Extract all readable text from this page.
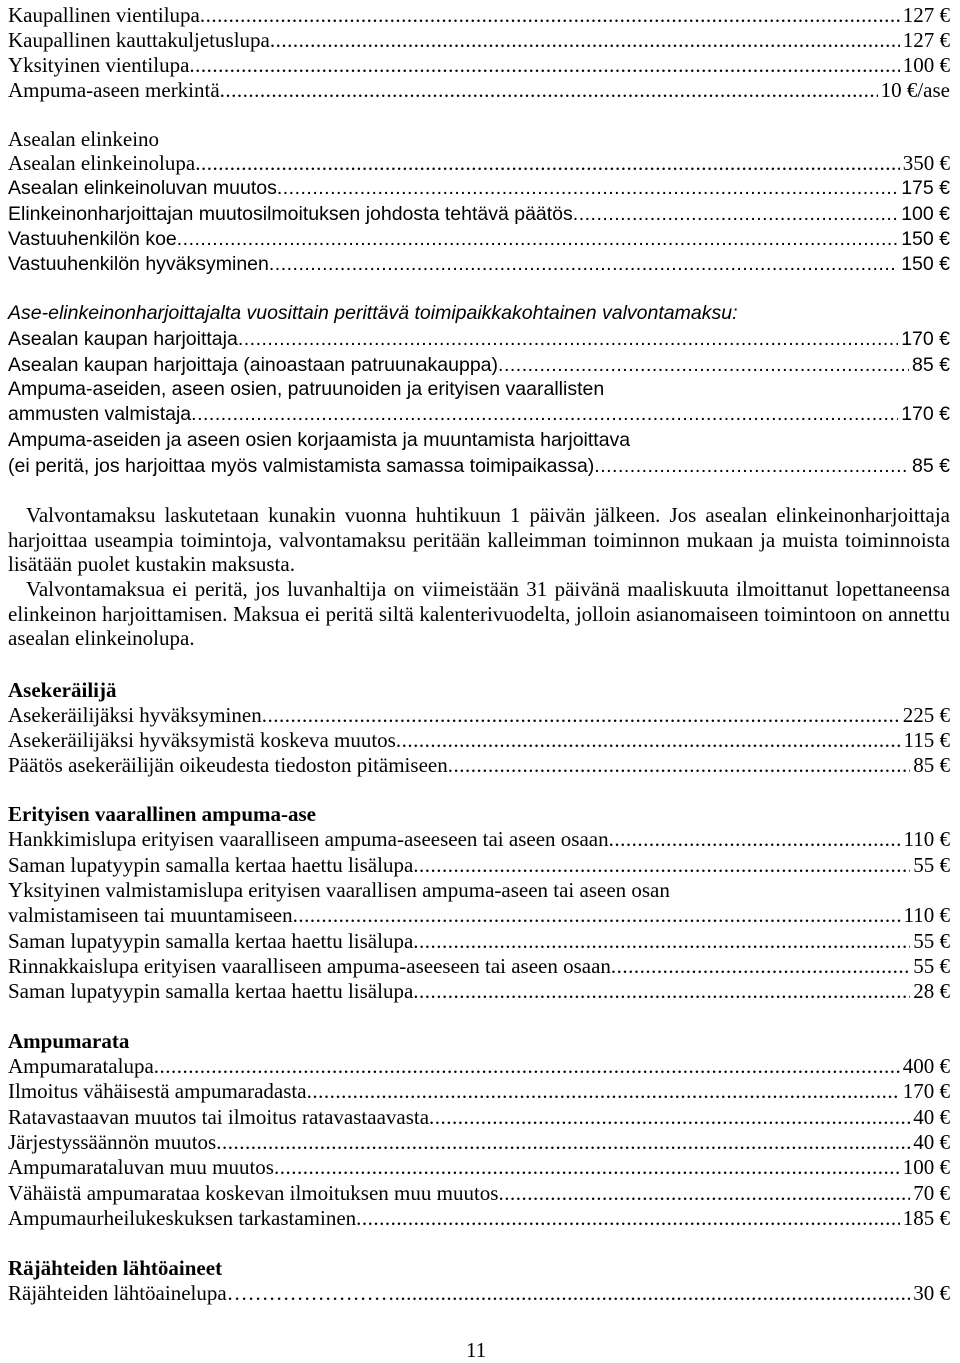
Kaupallinen vientilupa .....	127 €
Kaupallinen kauttakuljetuslupa .....	127 €
Yksityinen vientilupa .....	100 €
Ampuma-aseen merkintä .....	10 €/ase
Asealan elinkeino
Asealan elinkeinolupa .....	350 €
Asealan elinkeinoluvan muutos .....	175 €
Elinkeinonharjoittajan muutosilmoituksen johdosta tehtävä päätös .....	100 €
Vastuuhenkilön koe .....	150 €
Vastuuhenkilön hyväksyminen .....	150 €
Ase-elinkeinonharjoittajalta vuosittain perittävä toimipaikkakohtainen valvontamaksu:
Asealan kaupan harjoittaja .....	170 €
Asealan kaupan harjoittaja (ainoastaan patruunakauppa) .....	85 €
Ampuma-aseiden, aseen osien, patruunoiden ja erityisen vaarallisten
ammusten valmistaja .....	170 €
Ampuma-aseiden ja aseen osien korjaamista ja muuntamista harjoittava
(ei peritä, jos harjoittaa myös valmistamista samassa toimipaikassa) .....	85 €
Valvontamaksu laskutetaan kunakin vuonna huhtikuun 1 päivän jälkeen. Jos asealan elinkeinonharjoittaja harjoittaa useampia toimintoja, valvontamaksu peritään kalleimman toiminnon mukaan ja muista toiminnoista lisätään puolet kustakin maksusta.
Valvontamaksua ei peritä, jos luvanhaltija on viimeistään 31 päivänä maaliskuuta ilmoittanut lopettaneensa elinkeinon harjoittamisen. Maksua ei peritä siltä kalenterivuodelta, jolloin asianomaiseen toimintoon on annettu asealan elinkeinolupa.
Asekeräilijä
Asekeräilijäksi hyväksyminen .....	225 €
Asekeräilijäksi hyväksymistä koskeva muutos .....	115 €
Päätös asekeräilijän oikeudesta tiedoston pitämiseen .....	85 €
Erityisen vaarallinen ampuma-ase
Hankkimislupa erityisen vaaralliseen ampuma-aseeseen tai aseen osaan .....	110 €
Saman lupatyypin samalla kertaa haettu lisälupa .....	55 €
Yksityinen valmistamislupa erityisen vaarallisen ampuma-aseen tai aseen osan
valmistamiseen tai muuntamiseen .....	110 €
Saman lupatyypin samalla kertaa haettu lisälupa .....	55 €
Rinnakkaislupa erityisen vaaralliseen ampuma-aseeseen tai aseen osaan .....	55 €
Saman lupatyypin samalla kertaa haettu lisälupa .....	28 €
Ampumarata
Ampumaratalupa .....	400 €
Ilmoitus vähäisestä ampumaradasta .....	170 €
Ratavastaavan muutos tai ilmoitus ratavastaavasta .....	40 €
Järjestyssäännön muutos .....	40 €
Ampumarataluvan muu muutos .....	100 €
Vähäistä ampumarataa koskevan ilmoituksen muu muutos .....	70 €
Ampumaurheilukeskuksen tarkastaminen .....	185 €
Räjähteiden lähtöaineet
Räjähteiden lähtöainelupa…………………… .....	30 €
11
